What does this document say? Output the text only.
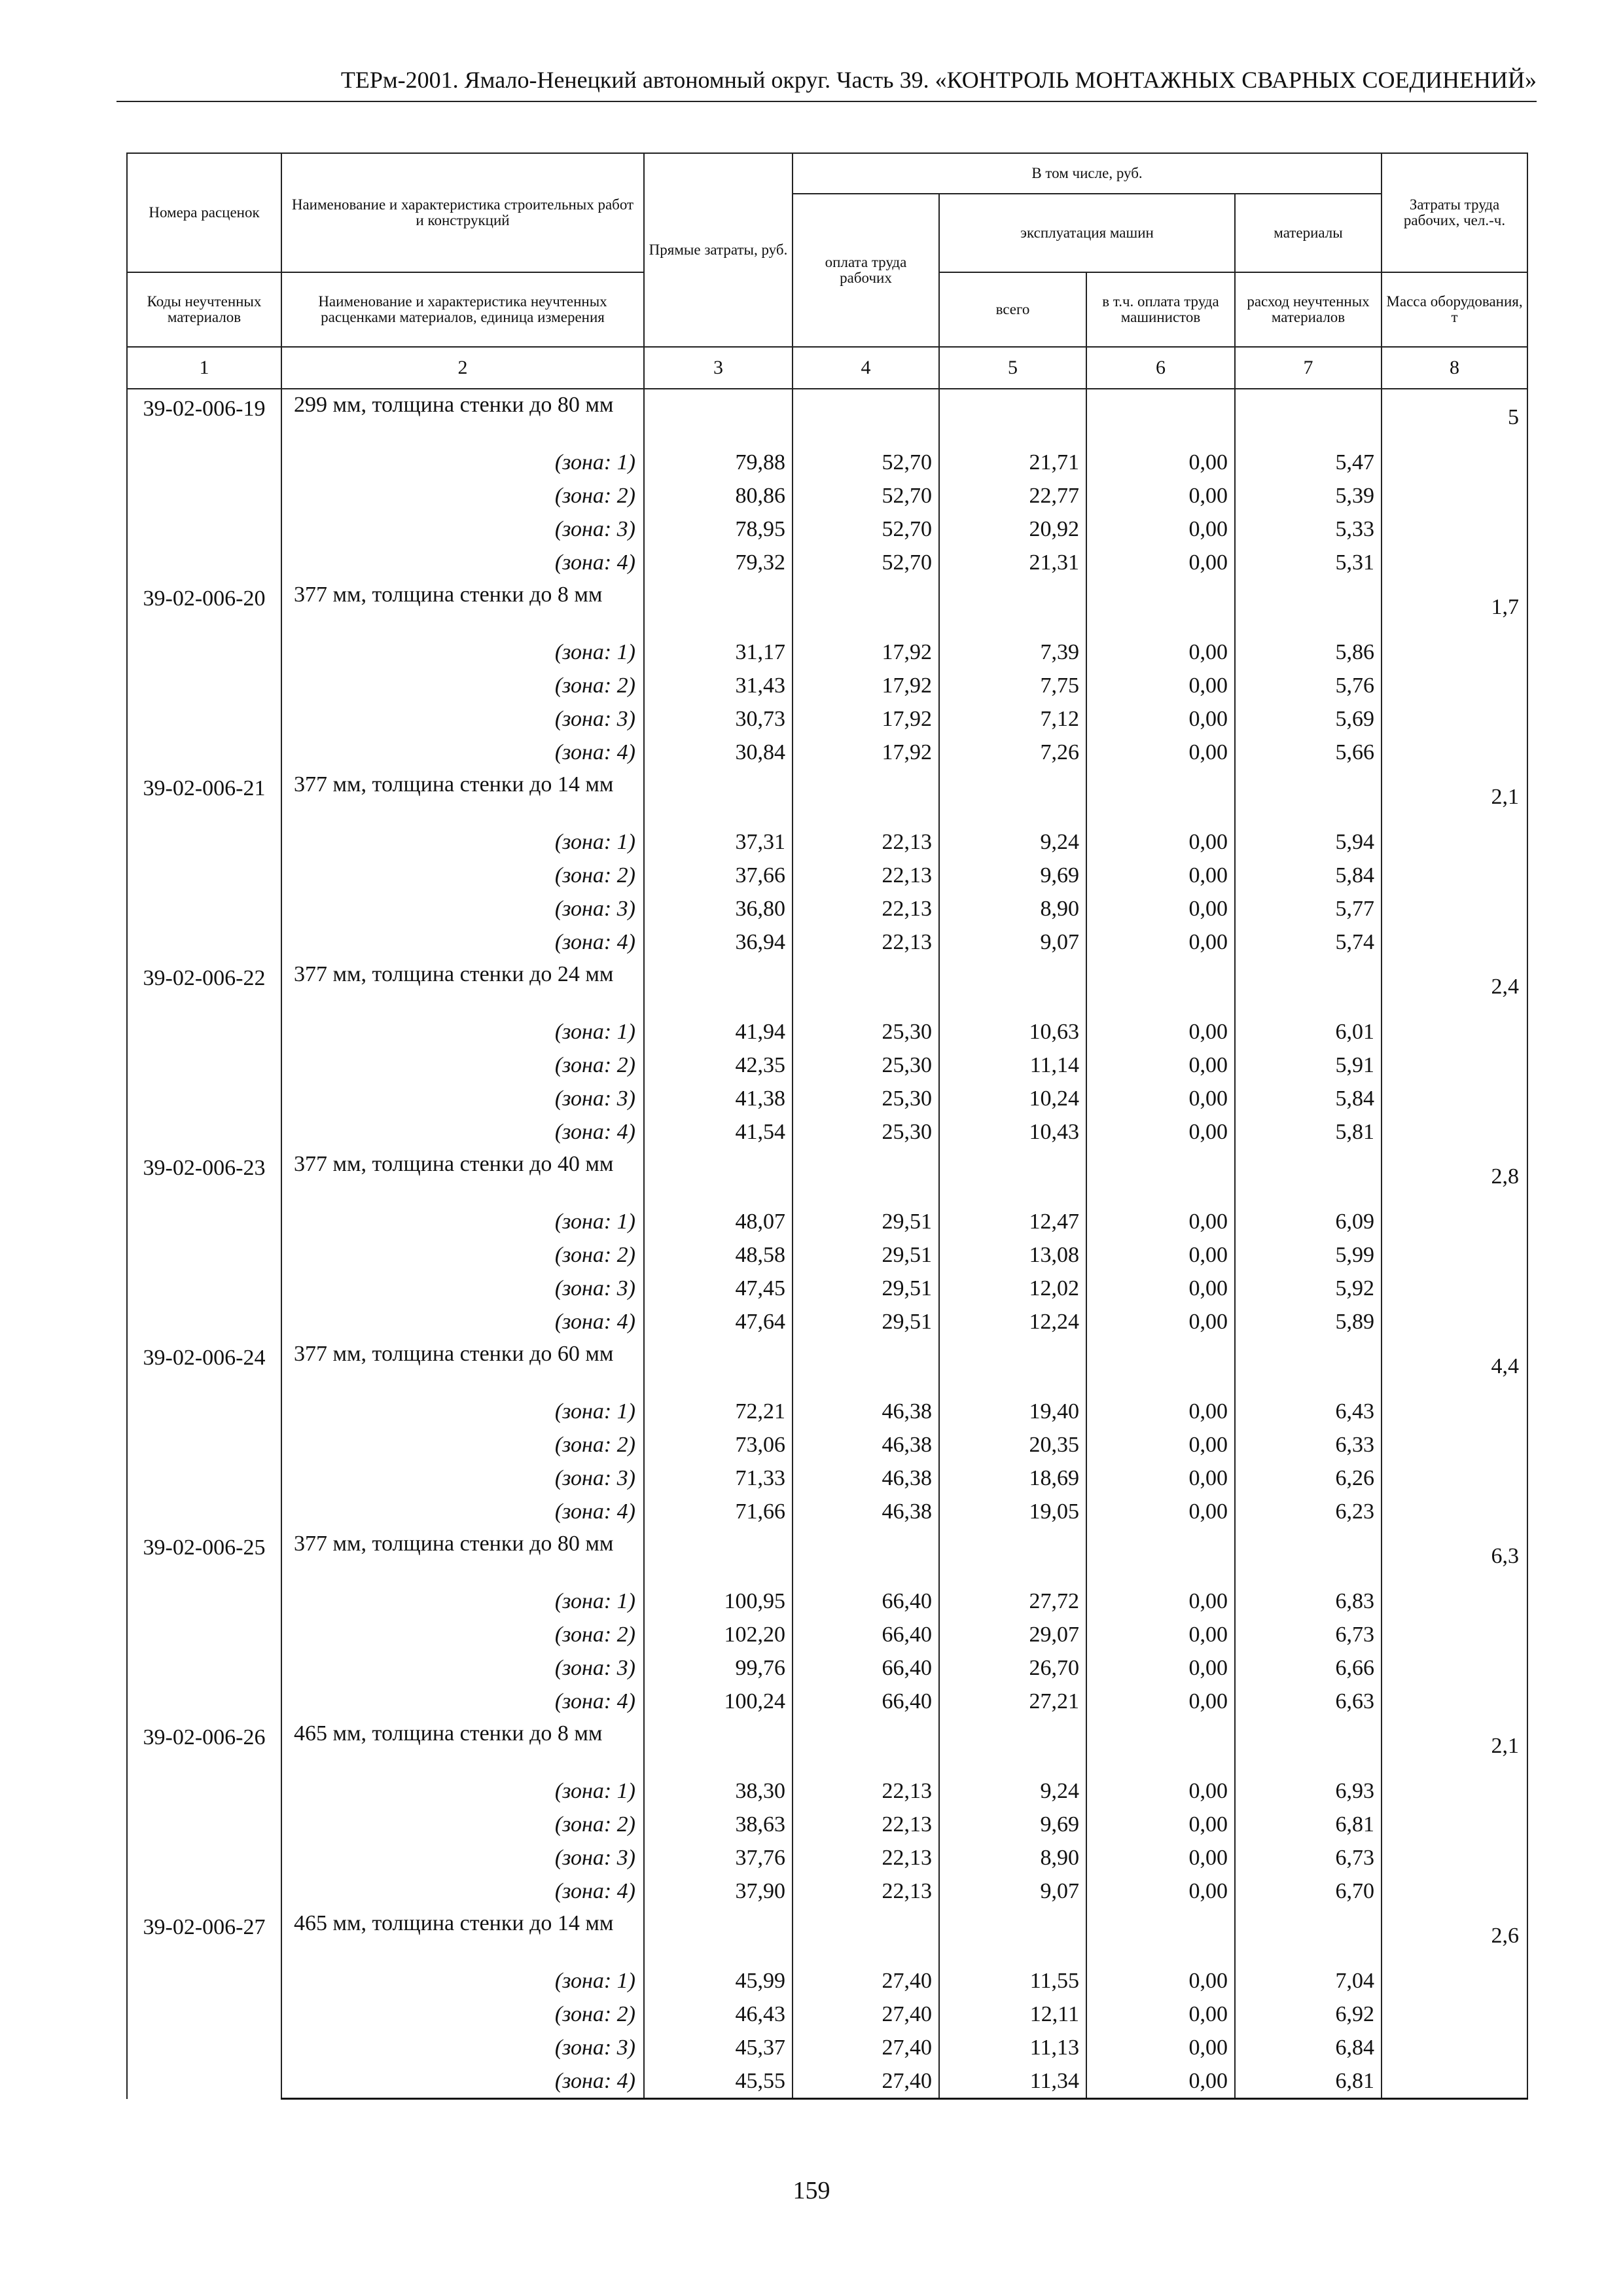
ТЕРм-2001. Ямало-Ненецкий автономный округ. Часть 39. «КОНТРОЛЬ МОНТАЖНЫХ СВАРНЫХ СОЕДИНЕНИЙ»
Номера расценок	Наименование и характеристика строительных работ и конструкций	Прямые затраты, руб.	В том числе, руб.				Затраты труда рабочих, чел.-ч.
			оплата труда рабочих	эксплуатация машин		материалы	
Коды неучтенных материалов	Наименование и характеристика неучтенных расценками материалов, единица измерения			всего	в т.ч. оплата труда машинистов	расход неучтенных материалов	Масса оборудования, т
1	2	3	4	5	6	7	8
39-02-006-19	299 мм, толщина стенки до 80 мм						5
	(зона: 1)	79,88	52,70	21,71	0,00	5,47	
	(зона: 2)	80,86	52,70	22,77	0,00	5,39	
	(зона: 3)	78,95	52,70	20,92	0,00	5,33	
	(зона: 4)	79,32	52,70	21,31	0,00	5,31	
39-02-006-20	377 мм, толщина стенки до 8 мм						1,7
	(зона: 1)	31,17	17,92	7,39	0,00	5,86	
	(зона: 2)	31,43	17,92	7,75	0,00	5,76	
	(зона: 3)	30,73	17,92	7,12	0,00	5,69	
	(зона: 4)	30,84	17,92	7,26	0,00	5,66	
39-02-006-21	377 мм, толщина стенки до 14 мм						2,1
	(зона: 1)	37,31	22,13	9,24	0,00	5,94	
	(зона: 2)	37,66	22,13	9,69	0,00	5,84	
	(зона: 3)	36,80	22,13	8,90	0,00	5,77	
	(зона: 4)	36,94	22,13	9,07	0,00	5,74	
39-02-006-22	377 мм, толщина стенки до 24 мм						2,4
	(зона: 1)	41,94	25,30	10,63	0,00	6,01	
	(зона: 2)	42,35	25,30	11,14	0,00	5,91	
	(зона: 3)	41,38	25,30	10,24	0,00	5,84	
	(зона: 4)	41,54	25,30	10,43	0,00	5,81	
39-02-006-23	377 мм, толщина стенки до 40 мм						2,8
	(зона: 1)	48,07	29,51	12,47	0,00	6,09	
	(зона: 2)	48,58	29,51	13,08	0,00	5,99	
	(зона: 3)	47,45	29,51	12,02	0,00	5,92	
	(зона: 4)	47,64	29,51	12,24	0,00	5,89	
39-02-006-24	377 мм, толщина стенки до 60 мм						4,4
	(зона: 1)	72,21	46,38	19,40	0,00	6,43	
	(зона: 2)	73,06	46,38	20,35	0,00	6,33	
	(зона: 3)	71,33	46,38	18,69	0,00	6,26	
	(зона: 4)	71,66	46,38	19,05	0,00	6,23	
39-02-006-25	377 мм, толщина стенки до 80 мм						6,3
	(зона: 1)	100,95	66,40	27,72	0,00	6,83	
	(зона: 2)	102,20	66,40	29,07	0,00	6,73	
	(зона: 3)	99,76	66,40	26,70	0,00	6,66	
	(зона: 4)	100,24	66,40	27,21	0,00	6,63	
39-02-006-26	465 мм, толщина стенки до 8 мм						2,1
	(зона: 1)	38,30	22,13	9,24	0,00	6,93	
	(зона: 2)	38,63	22,13	9,69	0,00	6,81	
	(зона: 3)	37,76	22,13	8,90	0,00	6,73	
	(зона: 4)	37,90	22,13	9,07	0,00	6,70	
39-02-006-27	465 мм, толщина стенки до 14 мм						2,6
	(зона: 1)	45,99	27,40	11,55	0,00	7,04	
	(зона: 2)	46,43	27,40	12,11	0,00	6,92	
	(зона: 3)	45,37	27,40	11,13	0,00	6,84	
	(зона: 4)	45,55	27,40	11,34	0,00	6,81	
159
